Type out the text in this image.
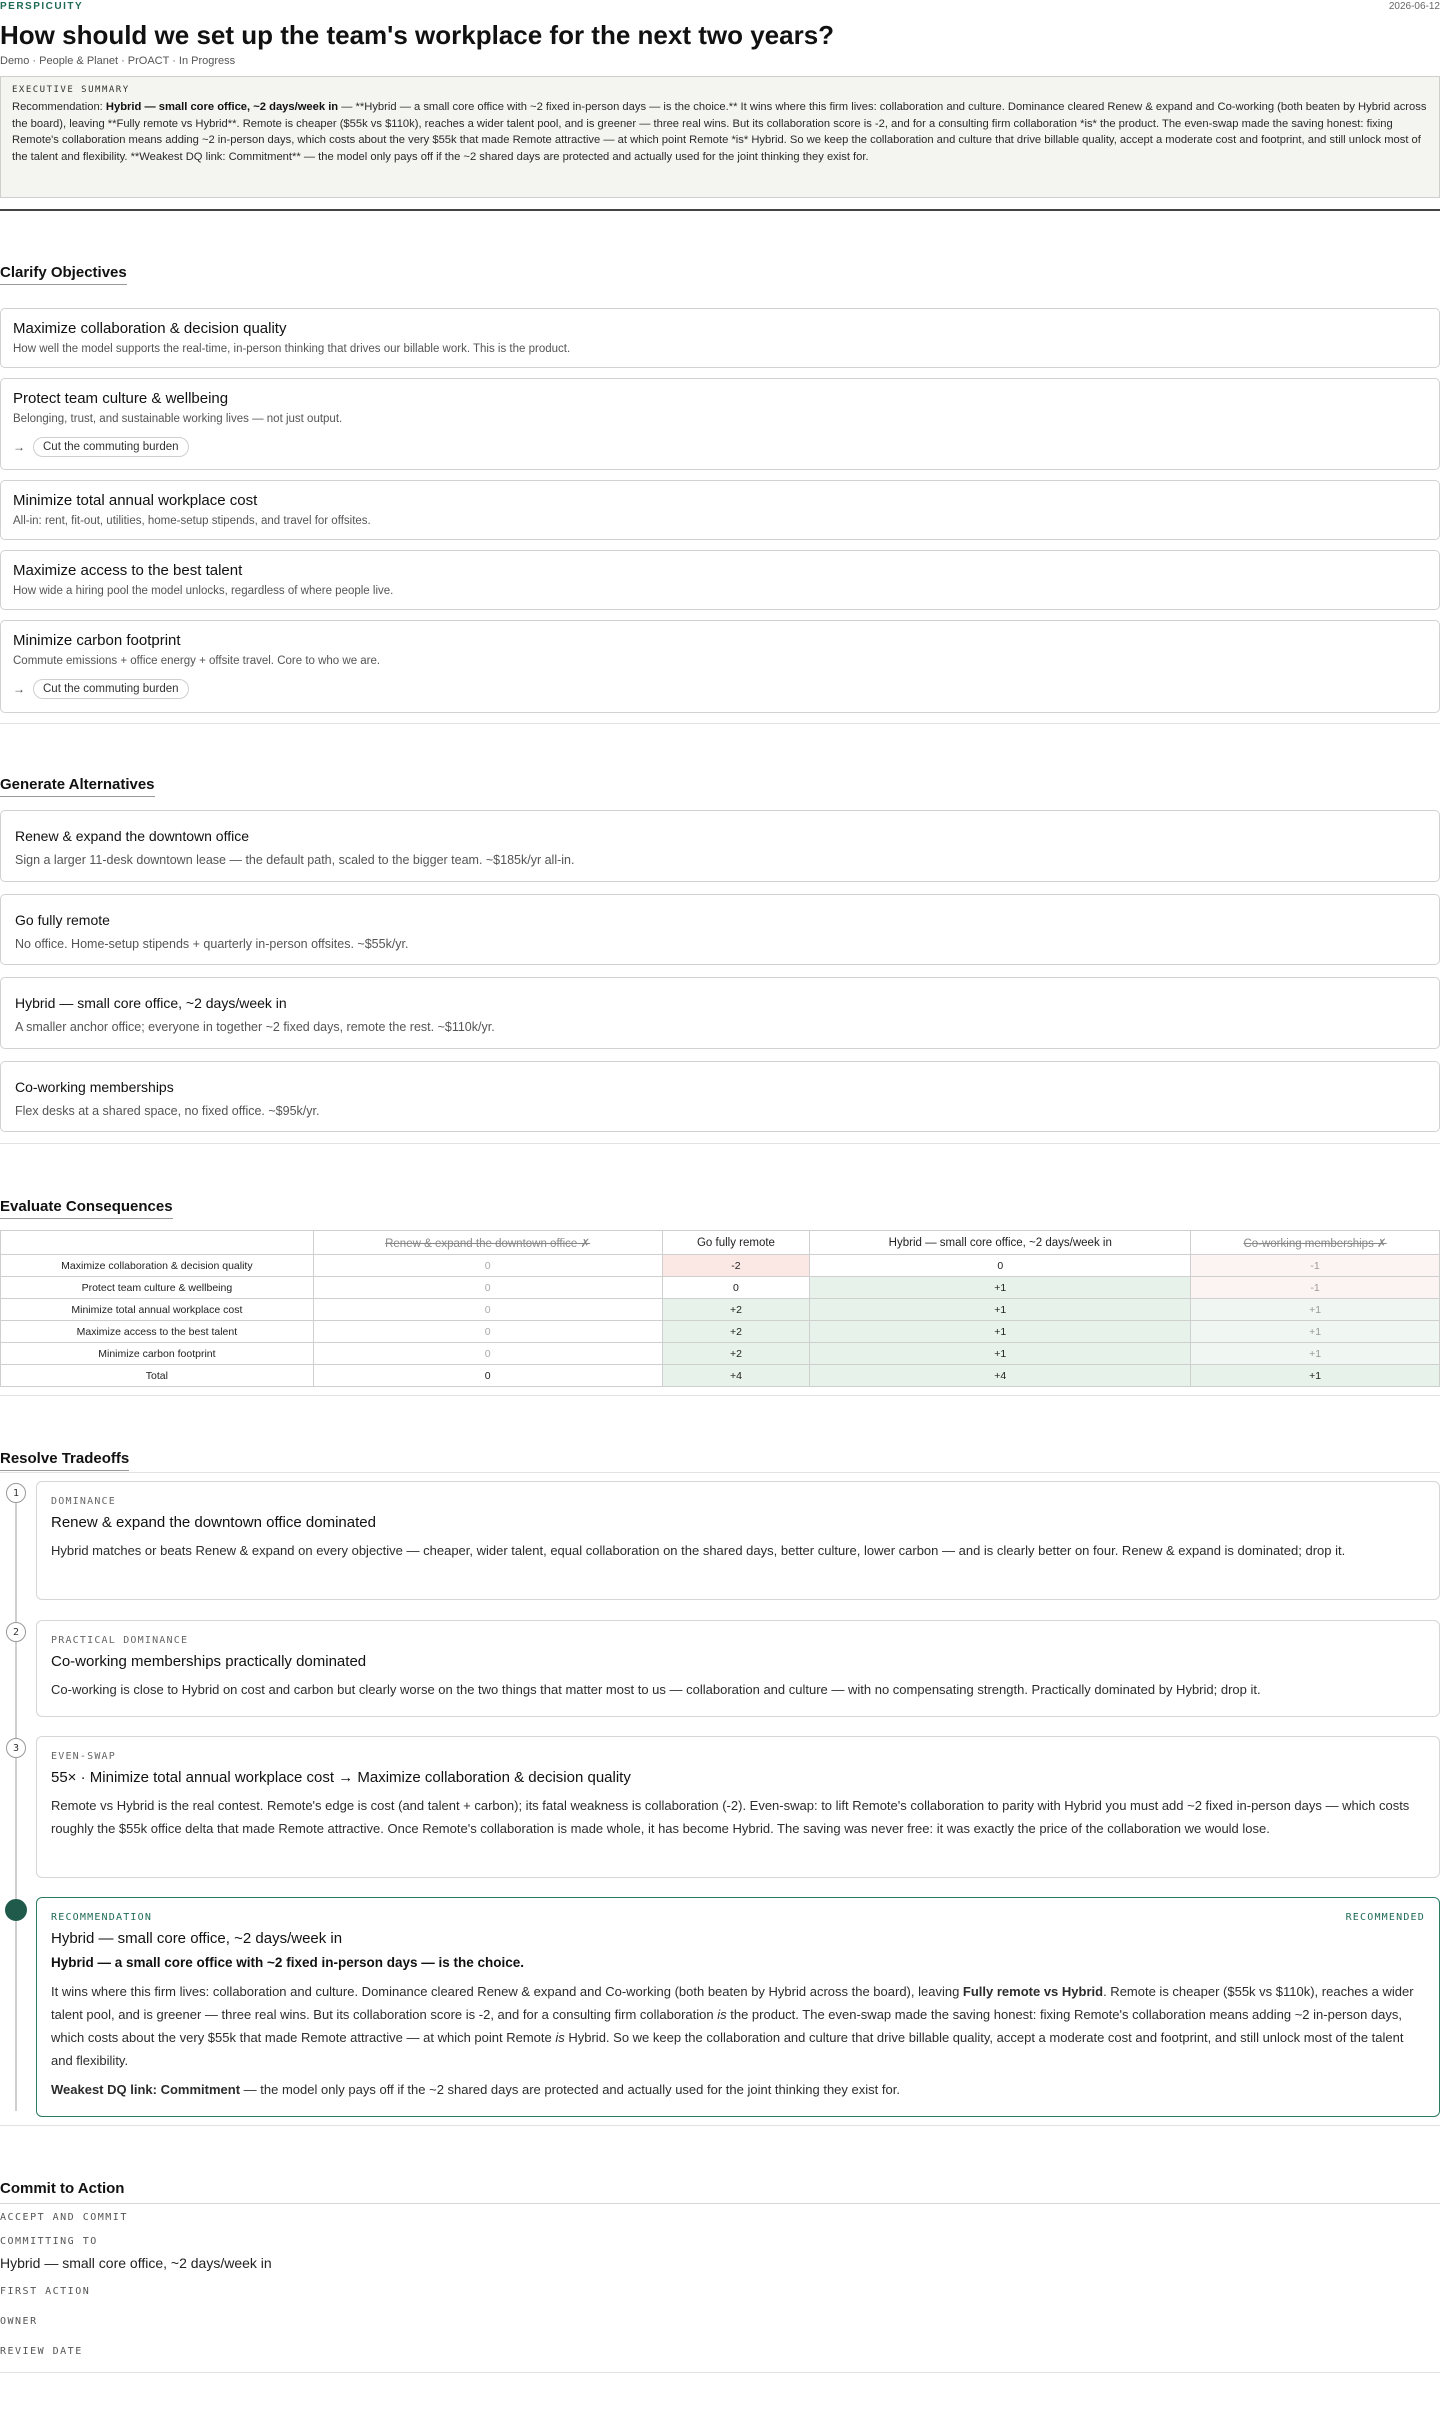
PERSPICUITY	2026-06-12
How should we set up the team's workplace for the next two years?
Demo · People & Planet · PrOACT · In Progress
EXECUTIVE SUMMARY
Recommendation: Hybrid — small core office, ~2 days/week in — **Hybrid — a small core office with ~2 fixed in-person days — is the choice.** It wins where this firm lives: collaboration and culture. Dominance cleared Renew & expand and Co-working (both beaten by Hybrid across the board), leaving **Fully remote vs Hybrid**. Remote is cheaper ($55k vs $110k), reaches a wider talent pool, and is greener — three real wins. But its collaboration score is -2, and for a consulting firm collaboration *is* the product. The even-swap made the saving honest: fixing Remote's collaboration means adding ~2 in-person days, which costs about the very $55k that made Remote attractive — at which point Remote *is* Hybrid. So we keep the collaboration and culture that drive billable quality, accept a moderate cost and footprint, and still unlock most of the talent and flexibility. **Weakest DQ link: Commitment** — the model only pays off if the ~2 shared days are protected and actually used for the joint thinking they exist for.
Clarify Objectives
Maximize collaboration & decision quality
How well the model supports the real-time, in-person thinking that drives our billable work. This is the product.
Protect team culture & wellbeing
Belonging, trust, and sustainable working lives — not just output.
→	Cut the commuting burden
Minimize total annual workplace cost
All-in: rent, fit-out, utilities, home-setup stipends, and travel for offsites.
Maximize access to the best talent
How wide a hiring pool the model unlocks, regardless of where people live.
Minimize carbon footprint
Commute emissions + office energy + offsite travel. Core to who we are.
→	Cut the commuting burden
Generate Alternatives
Renew & expand the downtown office
Sign a larger 11-desk downtown lease — the default path, scaled to the bigger team. ~$185k/yr all-in.
Go fully remote
No office. Home-setup stipends + quarterly in-person offsites. ~$55k/yr.
Hybrid — small core office, ~2 days/week in
A smaller anchor office; everyone in together ~2 fixed days, remote the rest. ~$110k/yr.
Co-working memberships
Flex desks at a shared space, no fixed office. ~$95k/yr.
Evaluate Consequences
	Renew & expand the downtown office ✗	Go fully remote	Hybrid — small core office, ~2 days/week in	Co-working memberships ✗
Maximize collaboration & decision quality	0	-2	0	-1
Protect team culture & wellbeing	0	0	+1	-1
Minimize total annual workplace cost	0	+2	+1	+1
Maximize access to the best talent	0	+2	+1	+1
Minimize carbon footprint	0	+2	+1	+1
Total	0	+4	+4	+1
Resolve Tradeoffs
1
DOMINANCE
Renew & expand the downtown office dominated
Hybrid matches or beats Renew & expand on every objective — cheaper, wider talent, equal collaboration on the shared days, better culture, lower carbon — and is clearly better on four. Renew & expand is dominated; drop it.
2
PRACTICAL DOMINANCE
Co-working memberships practically dominated
Co-working is close to Hybrid on cost and carbon but clearly worse on the two things that matter most to us — collaboration and culture — with no compensating strength. Practically dominated by Hybrid; drop it.
3
EVEN-SWAP
55× · Minimize total annual workplace cost → Maximize collaboration & decision quality
Remote vs Hybrid is the real contest. Remote's edge is cost (and talent + carbon); its fatal weakness is collaboration (-2). Even-swap: to lift Remote's collaboration to parity with Hybrid you must add ~2 fixed in-person days — which costs roughly the $55k office delta that made Remote attractive. Once Remote's collaboration is made whole, it has become Hybrid. The saving was never free: it was exactly the price of the collaboration we would lose.
RECOMMENDATION	RECOMMENDED
Hybrid — small core office, ~2 days/week in
Hybrid — a small core office with ~2 fixed in-person days — is the choice.
It wins where this firm lives: collaboration and culture. Dominance cleared Renew & expand and Co-working (both beaten by Hybrid across the board), leaving Fully remote vs Hybrid. Remote is cheaper ($55k vs $110k), reaches a wider talent pool, and is greener — three real wins. But its collaboration score is -2, and for a consulting firm collaboration is the product. The even-swap made the saving honest: fixing Remote's collaboration means adding ~2 in-person days, which costs about the very $55k that made Remote attractive — at which point Remote is Hybrid. So we keep the collaboration and culture that drive billable quality, accept a moderate cost and footprint, and still unlock most of the talent and flexibility.
Weakest DQ link: Commitment — the model only pays off if the ~2 shared days are protected and actually used for the joint thinking they exist for.
Commit to Action
ACCEPT AND COMMIT
COMMITTING TO
Hybrid — small core office, ~2 days/week in
FIRST ACTION
OWNER
REVIEW DATE
